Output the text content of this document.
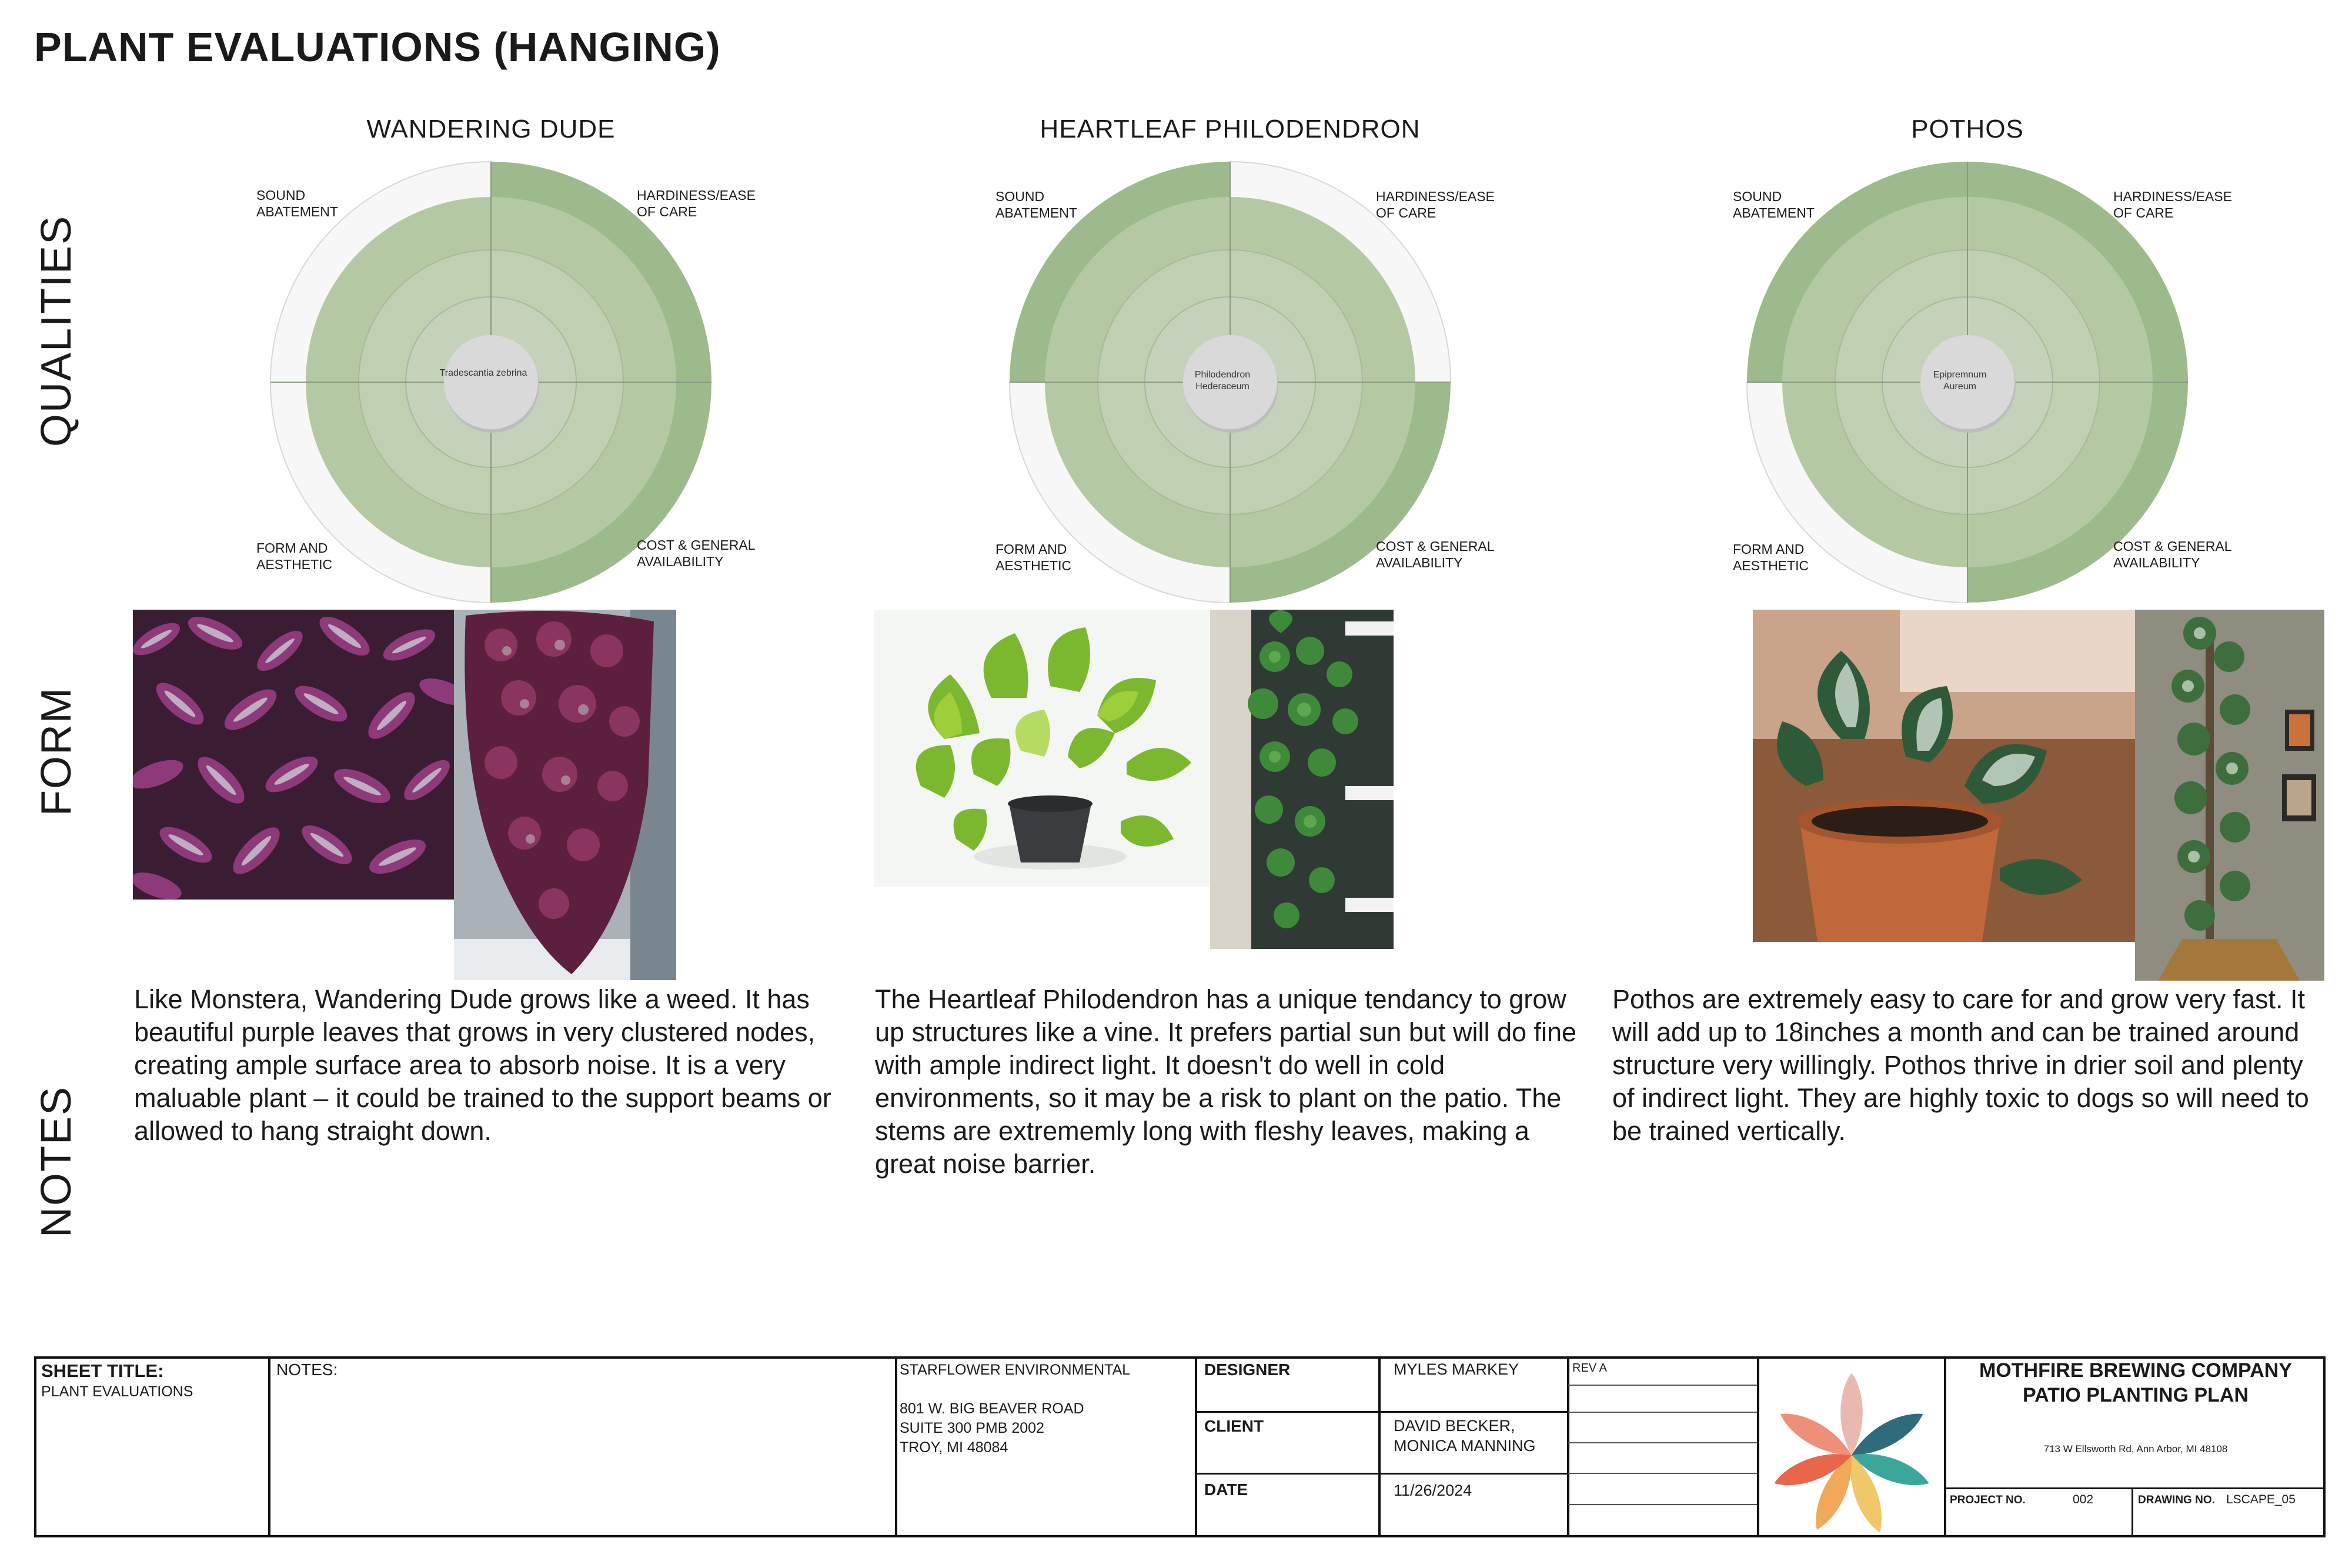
PLANT EVALUATIONS (HANGING)
QUALITIES
FORM
NOTES
WANDERING DUDE
SOUND
ABATEMENT
HARDINESS/EASE
OF CARE
FORM AND
AESTHETIC
COST & GENERAL
AVAILABILITY
Tradescantia zebrina
Like Monstera, Wandering Dude grows like a weed. It has beautiful purple leaves that grows in very clustered nodes, creating ample surface area to absorb noise. It is a very maluable plant – it could be trained to the support beams or allowed to hang straight down.
HEARTLEAF PHILODENDRON
SOUND
ABATEMENT
HARDINESS/EASE
OF CARE
FORM AND
AESTHETIC
COST & GENERAL
AVAILABILITY
Philodendron
Hederaceum
The Heartleaf Philodendron has a unique tendancy to grow up structures like a vine. It prefers partial sun but will do fine with ample indirect light. It doesn't do well in cold environments, so it may be a risk to plant on the patio. The stems are extrememly long with fleshy leaves, making a great noise barrier.
POTHOS
SOUND
ABATEMENT
HARDINESS/EASE
OF CARE
FORM AND
AESTHETIC
COST & GENERAL
AVAILABILITY
Epipremnum
Aureum
Pothos are extremely easy to care for and grow very fast. It will add up to 18inches a month and can be trained around structure very willingly. Pothos thrive in drier soil and plenty of indirect light. They are highly toxic to dogs so will need to be trained vertically.
SHEET TITLE:
PLANT EVALUATIONS
NOTES:	STARFLOWER ENVIRONMENTAL

801 W. BIG BEAVER ROAD
SUITE 300 PMB 2002
TROY, MI 48084
DESIGNER	MYLES MARKEY
CLIENT	DAVID BECKER,
MONICA MANNING
DATE	11/26/2024
REV A	MOTHFIRE BREWING COMPANY
PATIO PLANTING PLAN
713 W Ellsworth Rd, Ann Arbor, MI 48108
PROJECT NO.	002	DRAWING NO. LSCAPE_05
